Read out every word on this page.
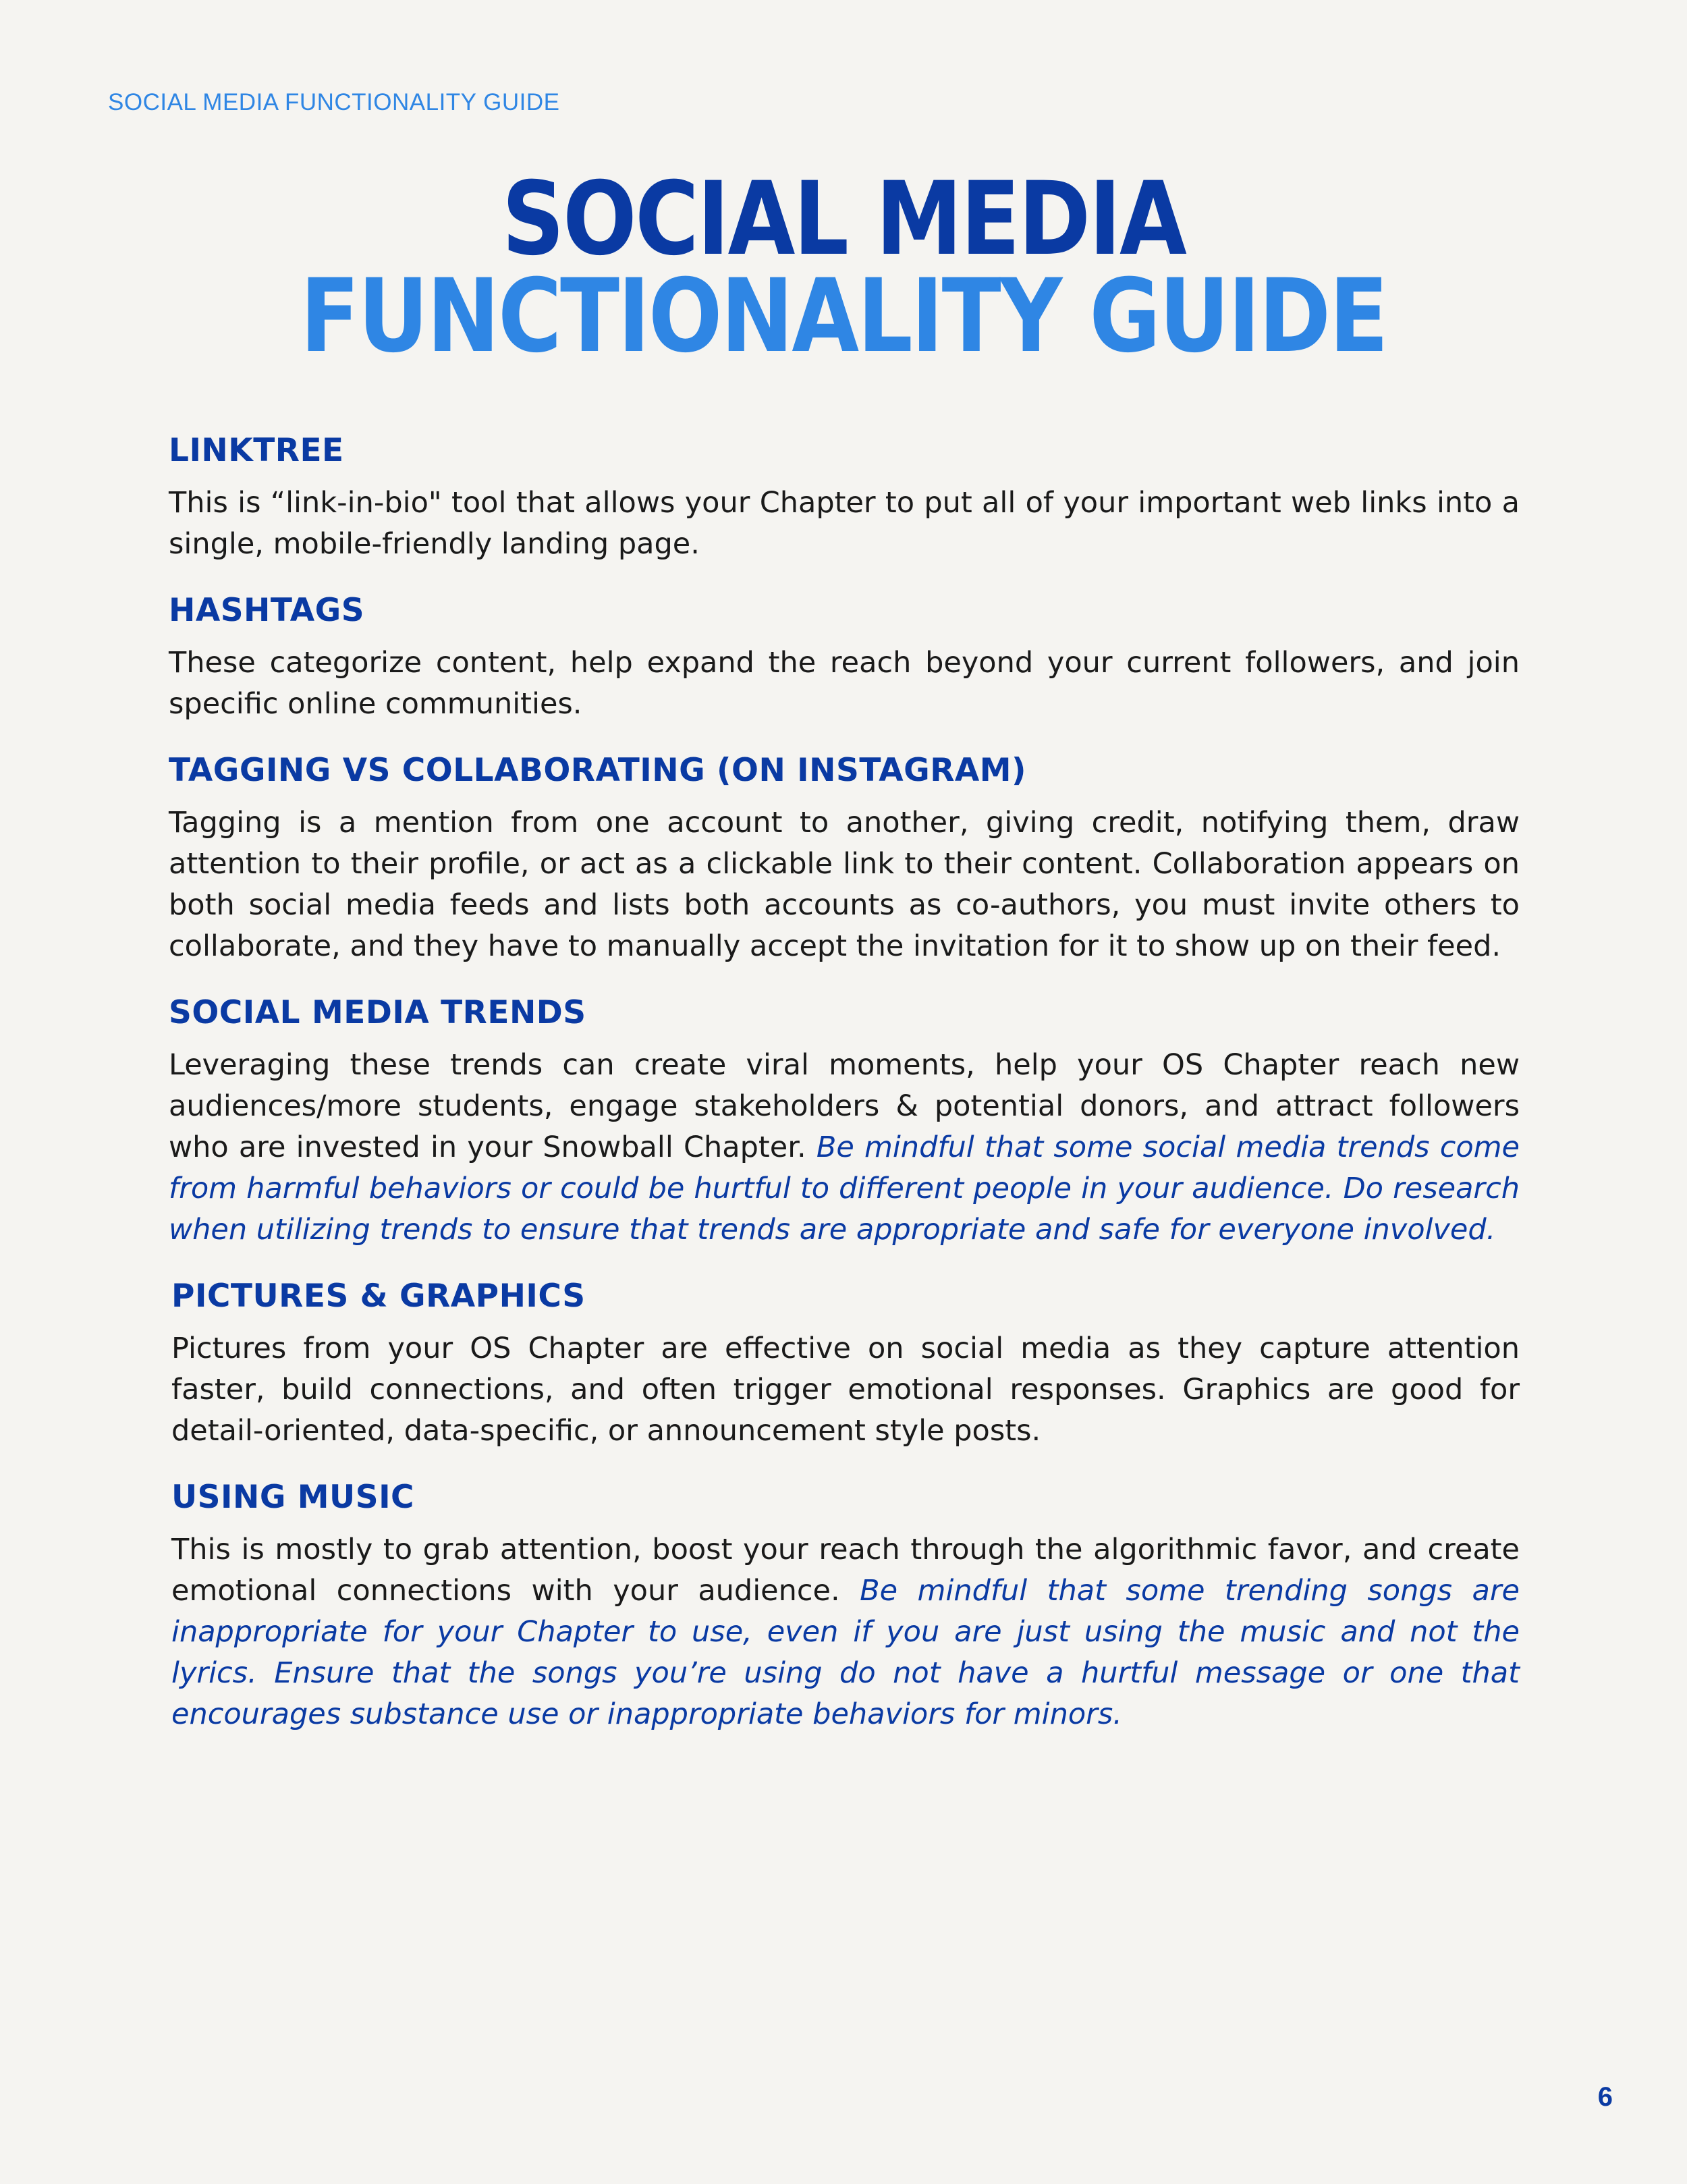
SOCIAL MEDIA FUNCTIONALITY GUIDE
SOCIAL MEDIA
FUNCTIONALITY GUIDE
LINKTREE

This is “link-in-bio" tool that allows your Chapter to put all of your important web links into a single, mobile-friendly landing page.

HASHTAGS

These categorize content, help expand the reach beyond your current followers, and join specific online communities.

TAGGING VS COLLABORATING (ON INSTAGRAM)

Tagging is a mention from one account to another, giving credit, notifying them, draw attention to their profile, or act as a clickable link to their content. Collaboration appears on both social media feeds and lists both accounts as co-authors, you must invite others to collaborate, and they have to manually accept the invitation for it to show up on their feed.

SOCIAL MEDIA TRENDS

Leveraging these trends can create viral moments, help your OS Chapter reach new audiences/more students, engage stakeholders & potential donors, and attract followers who are invested in your Snowball Chapter. Be mindful that some social media trends come from harmful behaviors or could be hurtful to different people in your audience. Do research when utilizing trends to ensure that trends are appropriate and safe for everyone involved.

PICTURES & GRAPHICS

Pictures from your OS Chapter are effective on social media as they capture attention faster, build connections, and often trigger emotional responses. Graphics are good for detail-oriented, data-specific, or announcement style posts.

USING MUSIC

This is mostly to grab attention, boost your reach through the algorithmic favor, and create emotional connections with your audience. Be mindful that some trending songs are inappropriate for your Chapter to use, even if you are just using the music and not the lyrics. Ensure that the songs you’re using do not have a hurtful message or one that encourages substance use or inappropriate behaviors for minors.

6
